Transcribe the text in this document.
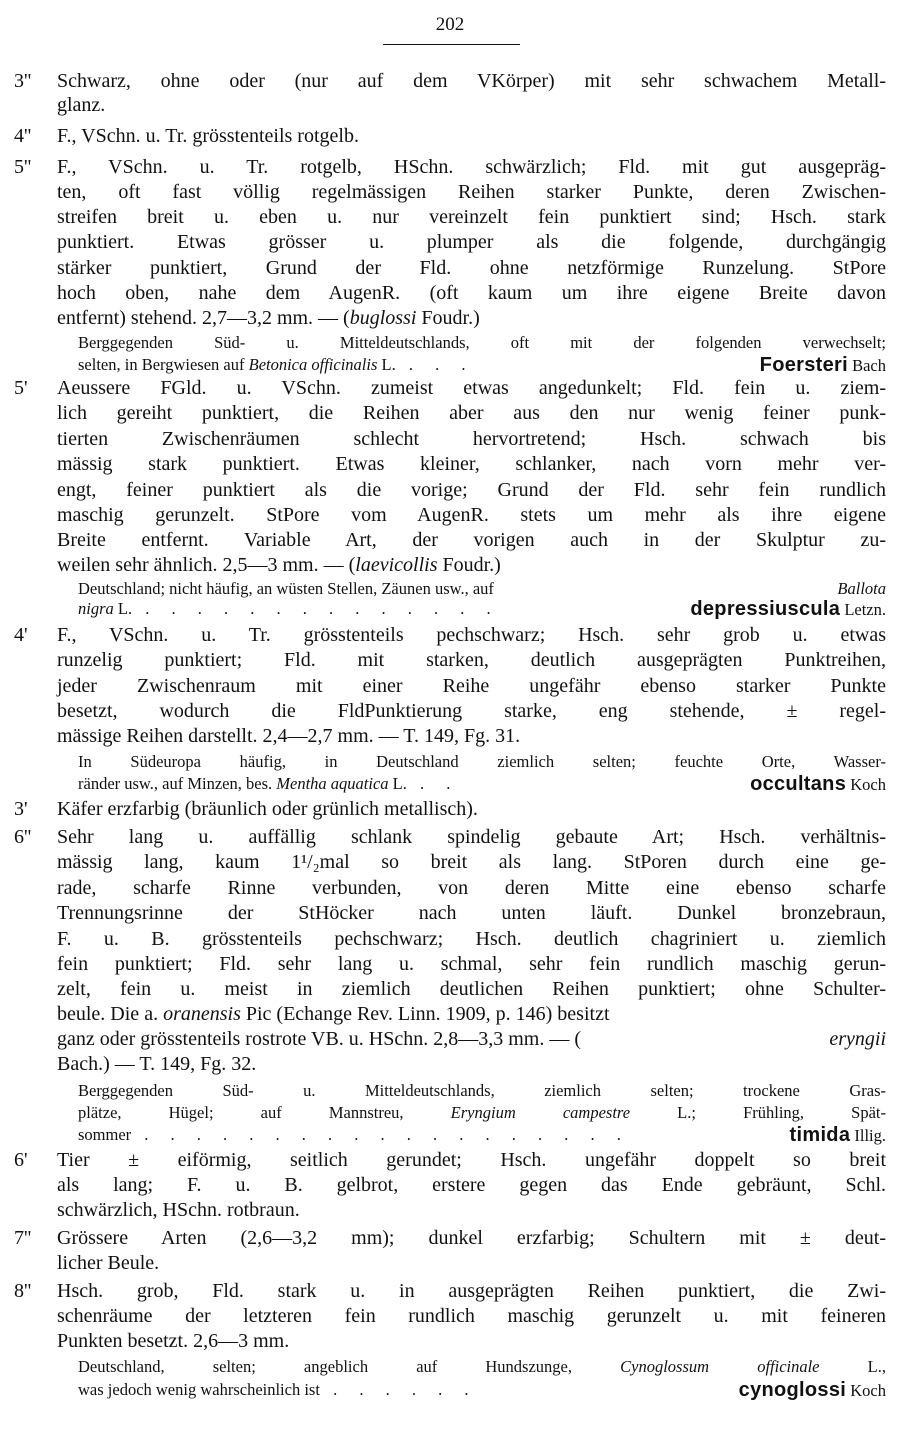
202
3''	Schwarz, ohne oder (nur auf dem VKörper) mit sehr schwachem Metall-
glanz.
4''	F., VSchn. u. Tr. grösstenteils rotgelb.
5''	F., VSchn. u. Tr. rotgelb, HSchn. schwärzlich; Fld. mit gut ausgepräg-
ten, oft fast völlig regelmässigen Reihen starker Punkte, deren Zwischen-
streifen breit u. eben u. nur vereinzelt fein punktiert sind; Hsch. stark
punktiert. Etwas grösser u. plumper als die folgende, durchgängig
stärker punktiert, Grund der Fld. ohne netzförmige Runzelung. StPore
hoch oben, nahe dem AugenR. (oft kaum um ihre eigene Breite davon
entfernt) stehend. 2,7—3,2 mm. — (buglossi Foudr.)
Berggegenden Süd- u. Mitteldeutschlands, oft mit der folgenden verwechselt;
selten, in Bergwiesen auf Betonica officinalis L. . . .	Foersteri Bach
5'	Aeussere FGld. u. VSchn. zumeist etwas angedunkelt; Fld. fein u. ziem-
lich gereiht punktiert, die Reihen aber aus den nur wenig feiner punk-
tierten Zwischenräumen schlecht hervortretend; Hsch. schwach bis
mässig stark punktiert. Etwas kleiner, schlanker, nach vorn mehr ver-
engt, feiner punktiert als die vorige; Grund der Fld. sehr fein rundlich
maschig gerunzelt. StPore vom AugenR. stets um mehr als ihre eigene
Breite entfernt. Variable Art, der vorigen auch in der Skulptur zu-
weilen sehr ähnlich. 2,5—3 mm. — (laevicollis Foudr.)
Deutschland; nicht häufig, an wüsten Stellen, Zäunen usw., auf	Ballota
nigra L. . . . . . . . . . . . . . .	depressiuscula Letzn.
4'	F., VSchn. u. Tr. grösstenteils pechschwarz; Hsch. sehr grob u. etwas
runzelig punktiert; Fld. mit starken, deutlich ausgeprägten Punktreihen,
jeder Zwischenraum mit einer Reihe ungefähr ebenso starker Punkte
besetzt, wodurch die FldPunktierung starke, eng stehende, ± regel-
mässige Reihen darstellt. 2,4—2,7 mm. — T. 149, Fg. 31.
In Südeuropa häufig, in Deutschland ziemlich selten; feuchte Orte, Wasser-
ränder usw., auf Minzen, bes. Mentha aquatica L. . .	occultans Koch
3'	Käfer erzfarbig (bräunlich oder grünlich metallisch).
6''	Sehr lang u. auffällig schlank spindelig gebaute Art; Hsch. verhältnis-
mässig lang, kaum 1¹/₂mal so breit als lang. StPoren durch eine ge-
rade, scharfe Rinne verbunden, von deren Mitte eine ebenso scharfe
Trennungsrinne der StHöcker nach unten läuft. Dunkel bronzebraun,
F. u. B. grösstenteils pechschwarz; Hsch. deutlich chagriniert u. ziemlich
fein punktiert; Fld. sehr lang u. schmal, sehr fein rundlich maschig gerun-
zelt, fein u. meist in ziemlich deutlichen Reihen punktiert; ohne Schulter-
beule. Die a. oranensis Pic (Echange Rev. Linn. 1909, p. 146) besitzt
ganz oder grösstenteils rostrote VB. u. HSchn. 2,8—3,3 mm. — (	eryngii
Bach.) — T. 149, Fg. 32.
Berggegenden Süd- u. Mitteldeutschlands, ziemlich selten; trockene Gras-
plätze, Hügel; auf Mannstreu, Eryngium campestre L.; Frühling, Spät-
sommer . . . . . . . . . . . . . . . . . . .	timida Illig.
6'	Tier ± eiförmig, seitlich gerundet; Hsch. ungefähr doppelt so breit
als lang; F. u. B. gelbrot, erstere gegen das Ende gebräunt, Schl.
schwärzlich, HSchn. rotbraun.
7''	Grössere Arten (2,6—3,2 mm); dunkel erzfarbig; Schultern mit ± deut-
licher Beule.
8''	Hsch. grob, Fld. stark u. in ausgeprägten Reihen punktiert, die Zwi-
schenräume der letzteren fein rundlich maschig gerunzelt u. mit feineren
Punkten besetzt. 2,6—3 mm.
Deutschland, selten; angeblich auf Hundszunge, Cynoglossum officinale L.,
was jedoch wenig wahrscheinlich ist . . . . . .	cynoglossi Koch
